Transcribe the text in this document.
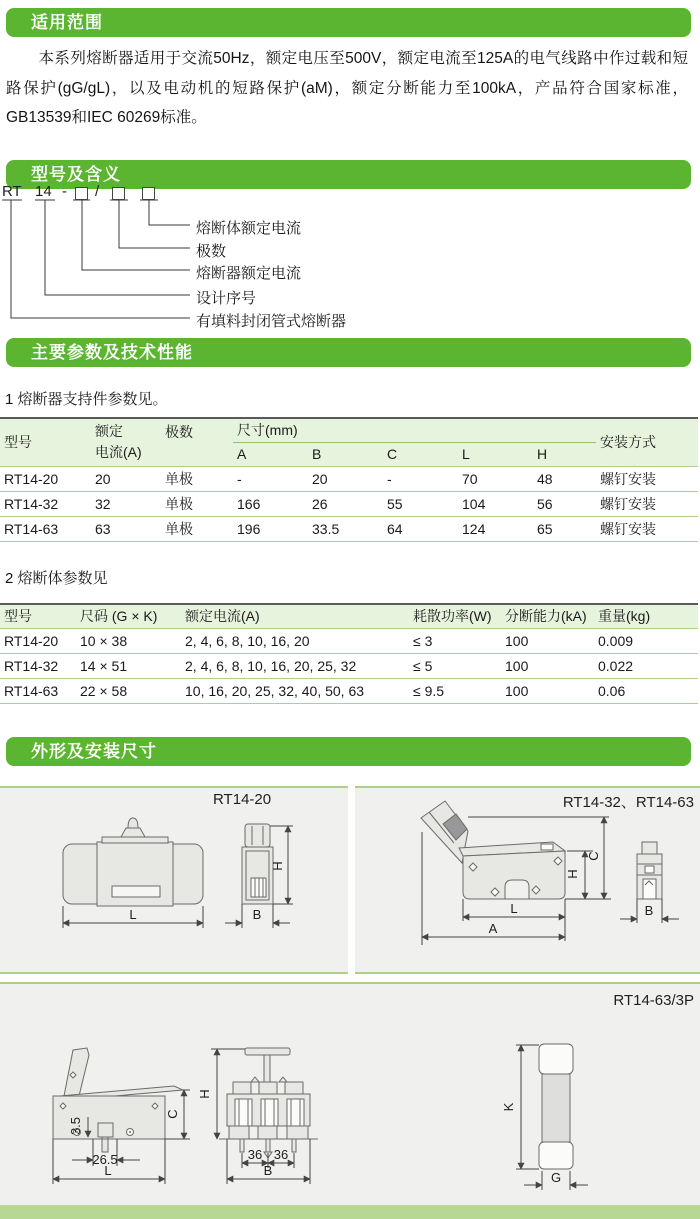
适用范围
本系列熔断器适用于交流50Hz，额定电压至500V，额定电流至125A的电气线路中作过载和短路保护(gG/gL)，以及电动机的短路保护(aM)，额定分断能力至100kA，产品符合国家标准，GB13539和IEC 60269标准。
型号及含义
RT 14 - /
熔断体额定电流
极数
熔断器额定电流
设计序号
有填料封闭管式熔断器
主要参数及技术性能
1 熔断器支持件参数见。
型号	额定
电流(A)	极数	尺寸(mm)					安装方式
			A	B	C	L	H	
RT14-20	20	单极	-	20	-	70	48	螺钉安装
RT14-32	32	单极	166	26	55	104	56	螺钉安装
RT14-63	63	单极	196	33.5	64	124	65	螺钉安装
2 熔断体参数见
型号	尺码 (G × K)	额定电流(A)	耗散功率(W)	分断能力(kA)	重量(kg)
RT14-20	10 × 38	2, 4, 6, 8, 10, 16, 20	≤ 3	100	0.009
RT14-32	14 × 51	2, 4, 6, 8, 10, 16, 20, 25, 32	≤ 5	100	0.022
RT14-63	22 × 58	10, 16, 20, 25, 32, 40, 50, 63	≤ 9.5	100	0.06
外形及安装尺寸
RT14-20
L	B
H
RT14-32、RT14-63
L
A
B
H
C
RT14-63/3P
3.5
26.5
C
L
H
36 36
B
K
G
